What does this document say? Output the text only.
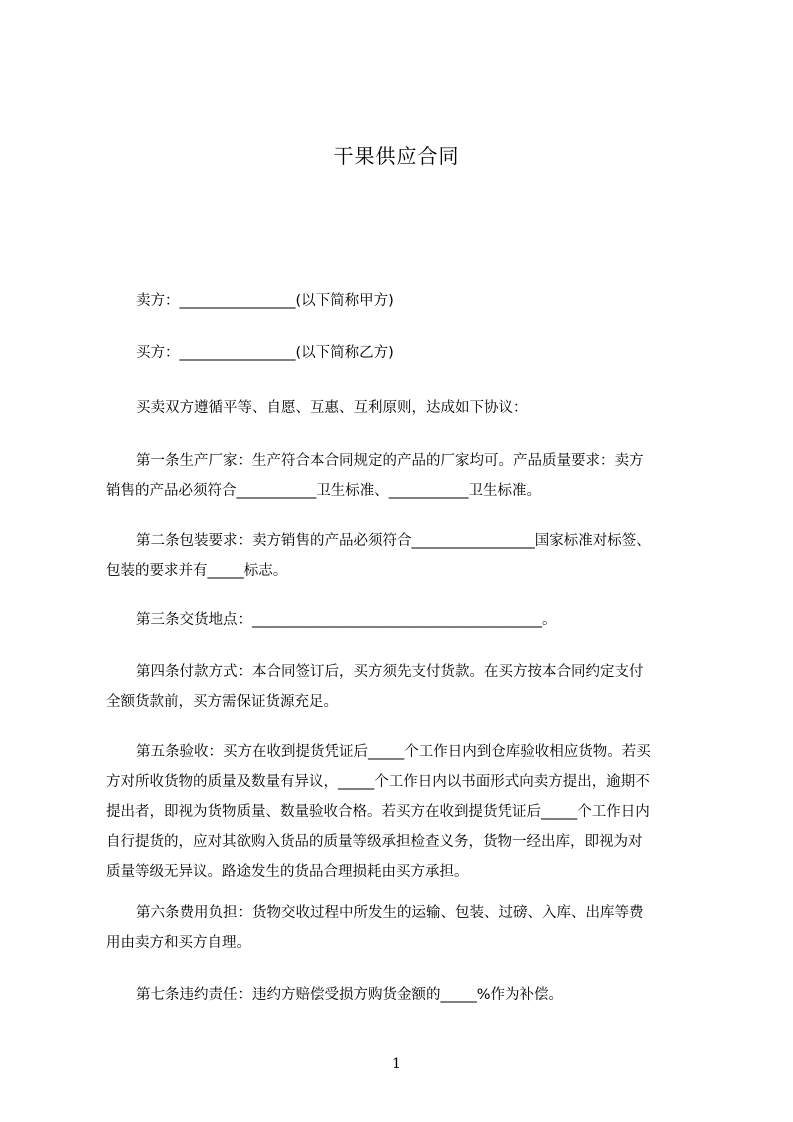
干果供应合同

卖方：________________(以下简称甲方)

买方：________________(以下简称乙方)

买卖双方遵循平等、自愿、互惠、互利原则，达成如下协议：

第一条生产厂家：生产符合本合同规定的产品的厂家均可。产品质量要求：卖方
销售的产品必须符合___________卫生标准、___________卫生标准。

第二条包装要求：卖方销售的产品必须符合_________________国家标准对标签、
包装的要求并有_____标志。

第三条交货地点：________________________________________。

第四条付款方式：本合同签订后，买方须先支付货款。在买方按本合同约定支付
全额货款前，买方需保证货源充足。

第五条验收：买方在收到提货凭证后_____个工作日内到仓库验收相应货物。若买
方对所收货物的质量及数量有异议，_____个工作日内以书面形式向卖方提出，逾期不
提出者，即视为货物质量、数量验收合格。若买方在收到提货凭证后_____个工作日内
自行提货的，应对其欲购入货品的质量等级承担检查义务，货物一经出库，即视为对
质量等级无异议。路途发生的货品合理损耗由买方承担。

第六条费用负担：货物交收过程中所发生的运输、包装、过磅、入库、出库等费
用由卖方和买方自理。

第七条违约责任：违约方赔偿受损方购货金额的_____%作为补偿。

1
